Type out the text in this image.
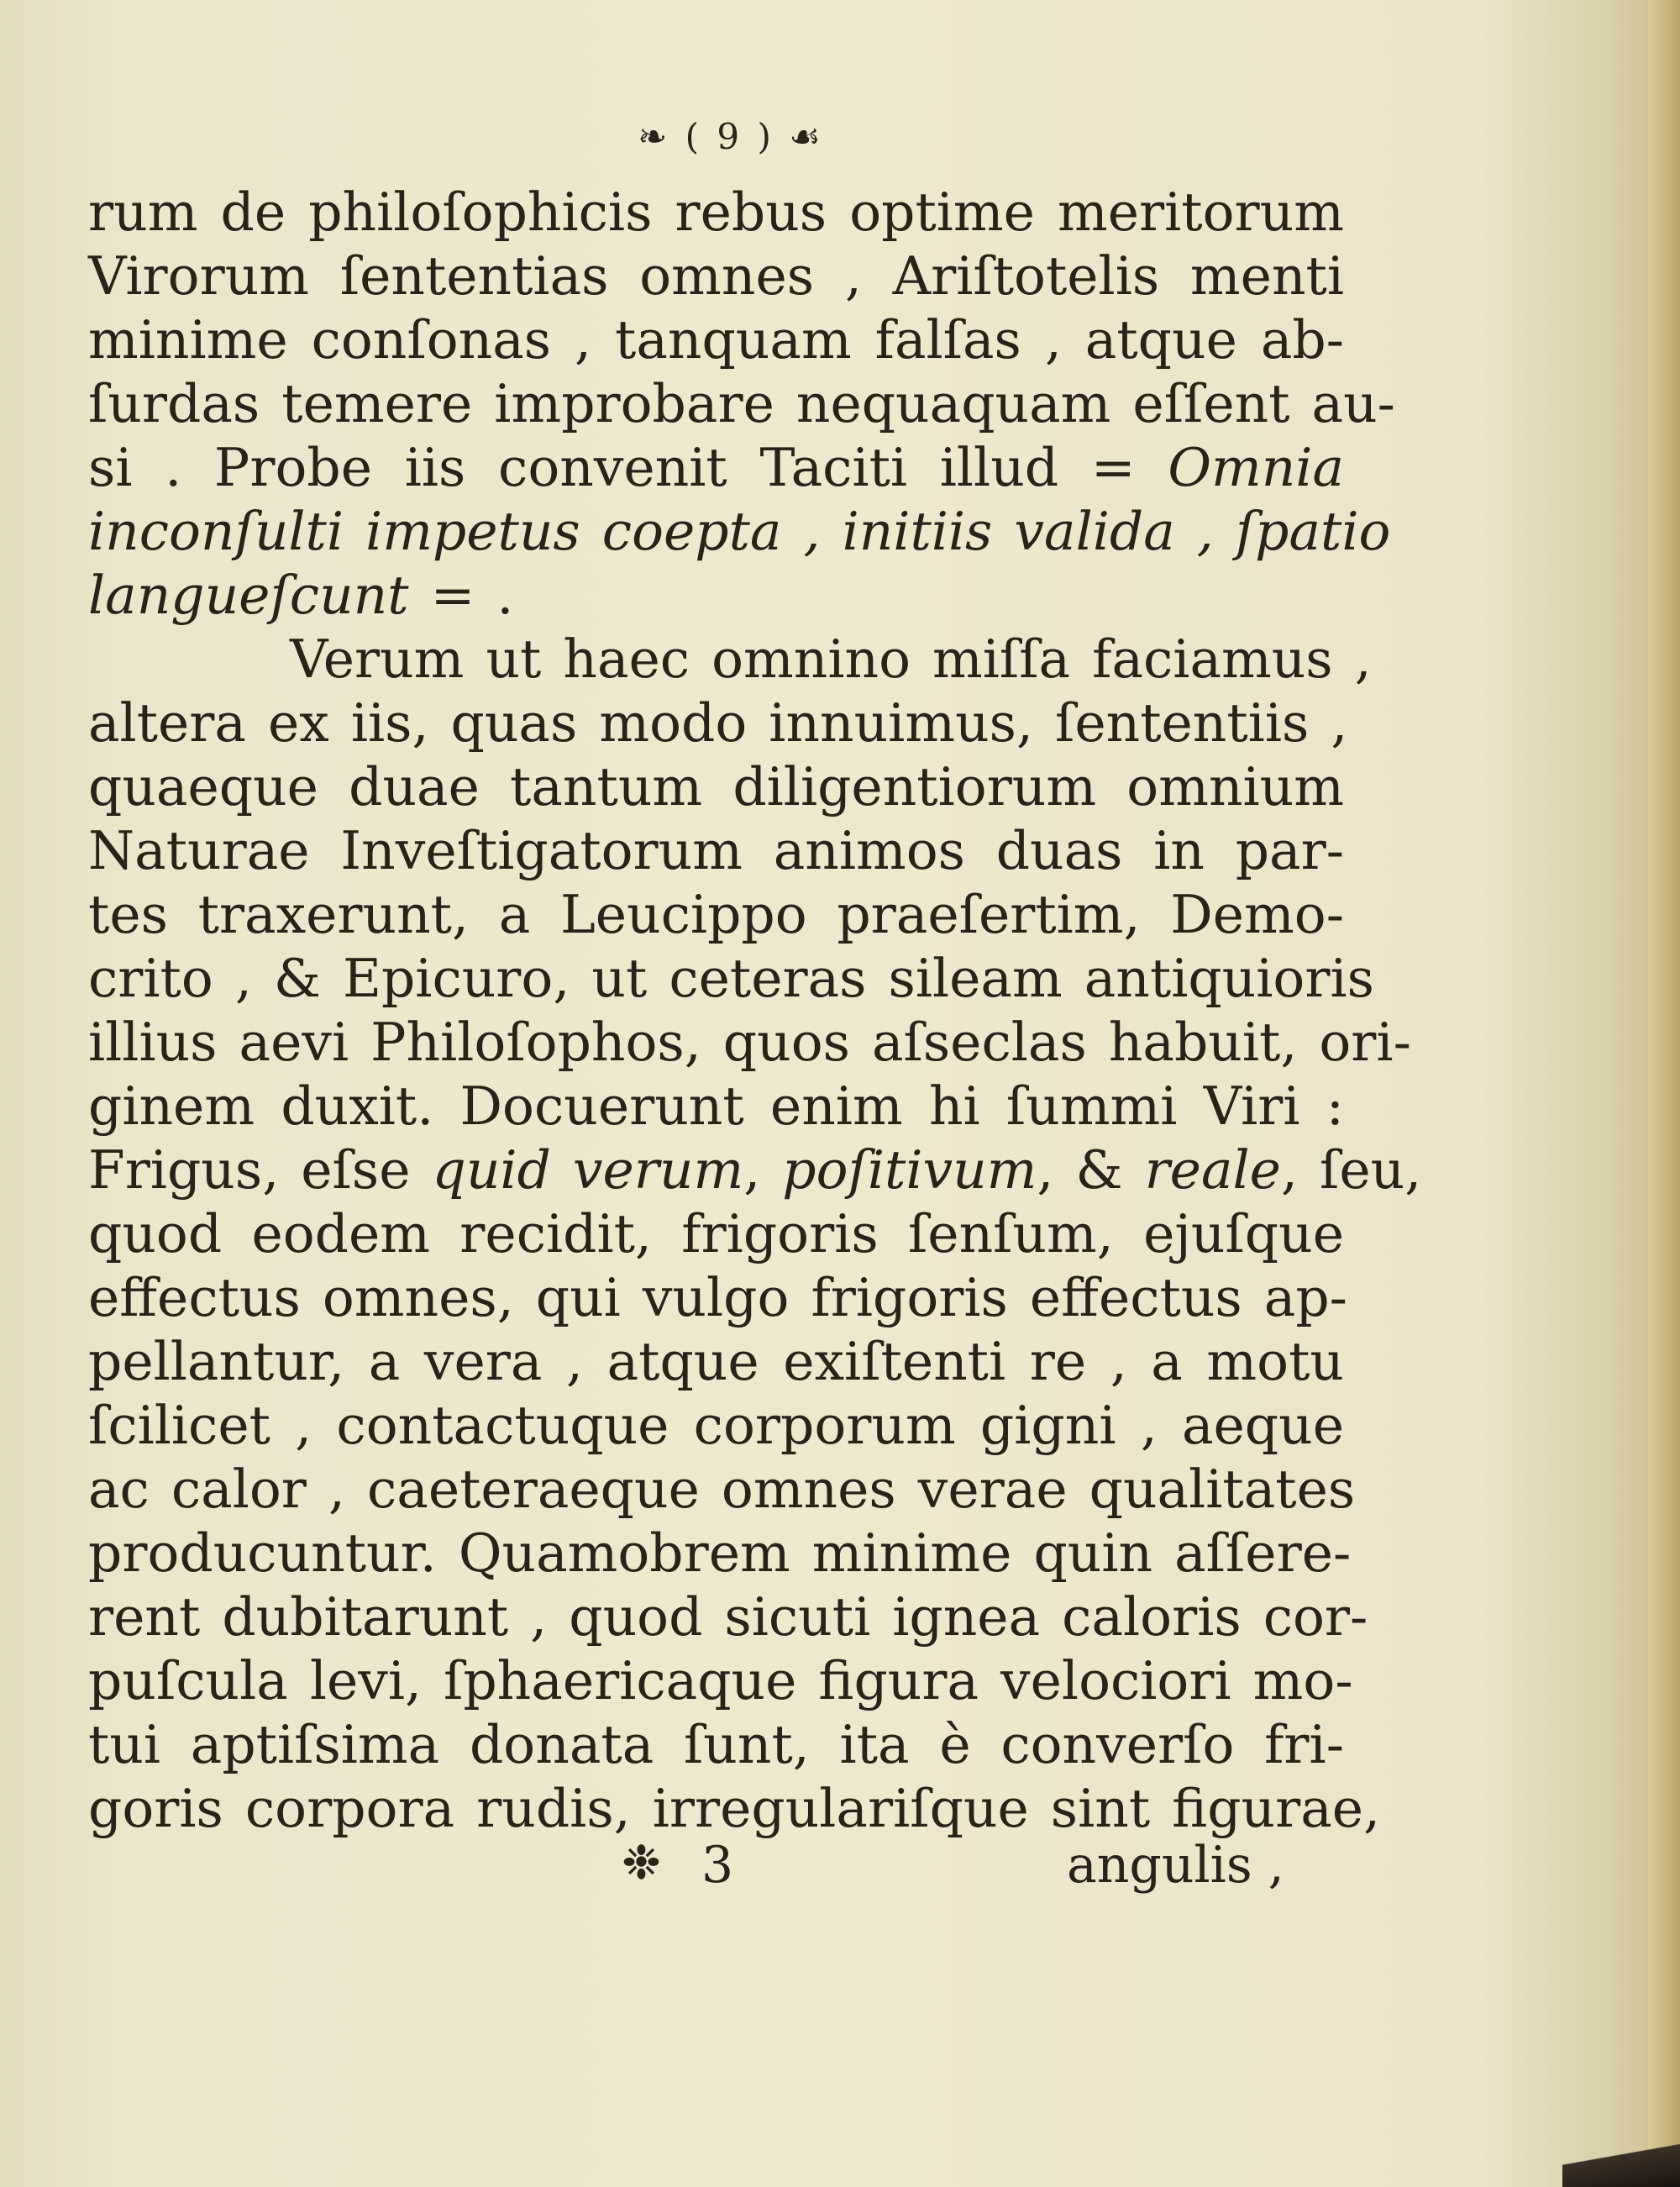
❧ ( 9 ) ☙
rum de philoſophicis rebus optime meritorum
Virorum ſententias omnes , Ariſtotelis menti
minime conſonas , tanquam falſas , atque ab-
ſurdas temere improbare nequaquam eſſent au-
si . Probe iis convenit Taciti illud = Omnia
inconſulti impetus coepta , initiis valida , ſpatio
langueſcunt = .
Verum ut haec omnino miſſa faciamus ,
altera ex iis, quas modo innuimus, ſententiis ,
quaeque duae tantum diligentiorum omnium
Naturae Inveſtigatorum animos duas in par-
tes traxerunt, a Leucippo praeſertim, Demo-
crito , & Epicuro, ut ceteras sileam antiquioris
illius aevi Philoſophos, quos aſseclas habuit, ori-
ginem duxit. Docuerunt enim hi ſummi Viri :
Frigus, eſse quid verum, poſitivum, & reale, ſeu,
quod eodem recidit, frigoris ſenſum, ejuſque
effectus omnes, qui vulgo frigoris effectus ap-
pellantur, a vera , atque exiſtenti re , a motu
ſcilicet , contactuque corporum gigni , aeque
ac calor , caeteraeque omnes verae qualitates
producuntur. Quamobrem minime quin aſſere-
rent dubitarunt , quod sicuti ignea caloris cor-
puſcula levi, ſphaericaque figura velociori mo-
tui aptiſsima donata ſunt, ita è converſo fri-
goris corpora rudis, irregulariſque sint figurae,
❉ 3	angulis ,
